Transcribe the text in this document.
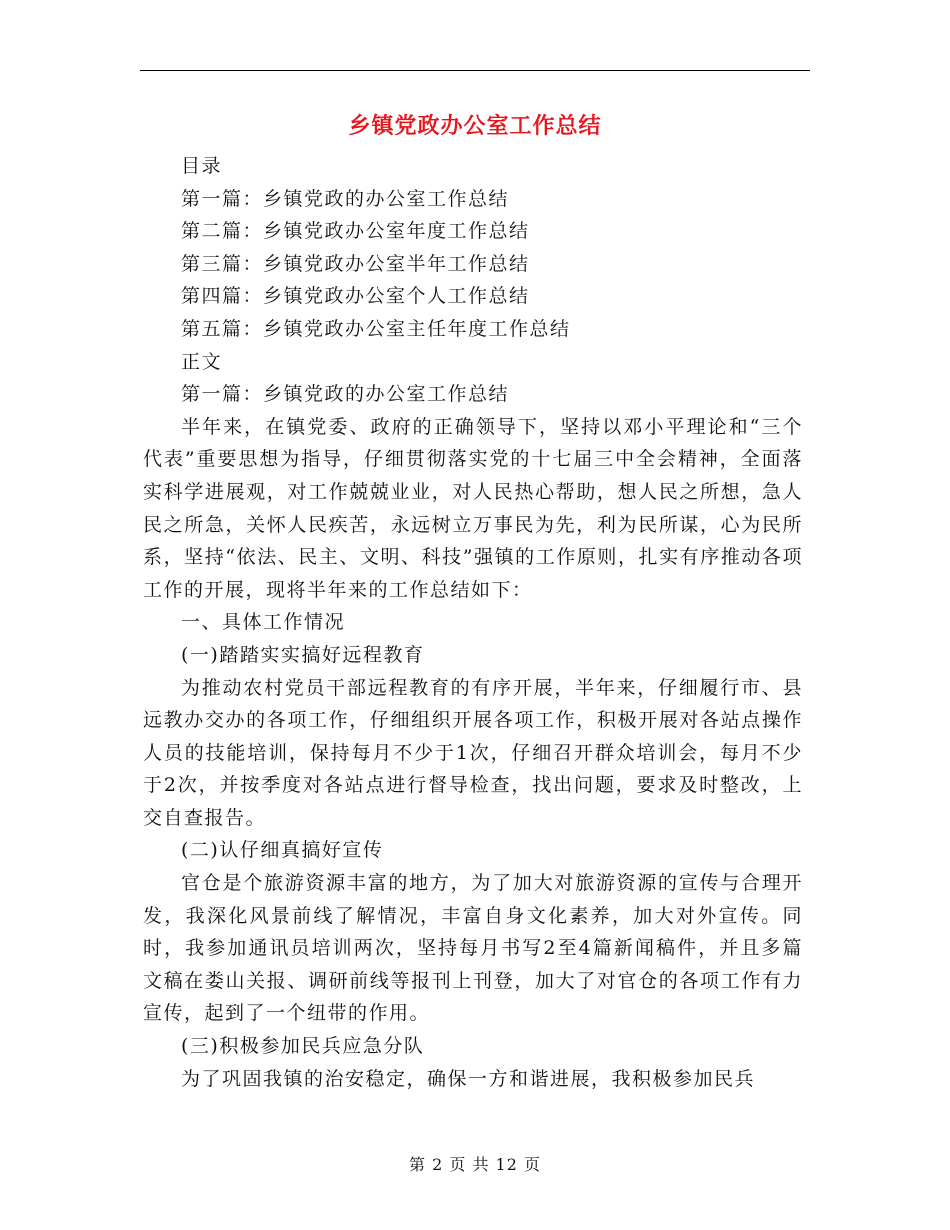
乡镇党政办公室工作总结

目录

第一篇：乡镇党政的办公室工作总结

第二篇：乡镇党政办公室年度工作总结

第三篇：乡镇党政办公室半年工作总结

第四篇：乡镇党政办公室个人工作总结

第五篇：乡镇党政办公室主任年度工作总结

正文

第一篇：乡镇党政的办公室工作总结

半年来，在镇党委、政府的正确领导下，坚持以邓小平理论和“三个代表”重要思想为指导，仔细贯彻落实党的十七届三中全会精神，全面落实科学进展观，对工作兢兢业业，对人民热心帮助，想人民之所想，急人民之所急，关怀人民疾苦，永远树立万事民为先，利为民所谋，心为民所系，坚持“依法、民主、文明、科技”强镇的工作原则，扎实有序推动各项工作的开展，现将半年来的工作总结如下：

一、具体工作情况

(一)踏踏实实搞好远程教育

为推动农村党员干部远程教育的有序开展，半年来，仔细履行市、县远教办交办的各项工作，仔细组织开展各项工作，积极开展对各站点操作人员的技能培训，保持每月不少于1次，仔细召开群众培训会，每月不少于2次，并按季度对各站点进行督导检查，找出问题，要求及时整改，上交自查报告。

(二)认仔细真搞好宣传

官仓是个旅游资源丰富的地方，为了加大对旅游资源的宣传与合理开发，我深化风景前线了解情况，丰富自身文化素养，加大对外宣传。同时，我参加通讯员培训两次，坚持每月书写2至4篇新闻稿件，并且多篇文稿在娄山关报、调研前线等报刊上刊登，加大了对官仓的各项工作有力宣传，起到了一个纽带的作用。

(三)积极参加民兵应急分队

为了巩固我镇的治安稳定，确保一方和谐进展，我积极参加民兵

第 2 页 共 12 页
